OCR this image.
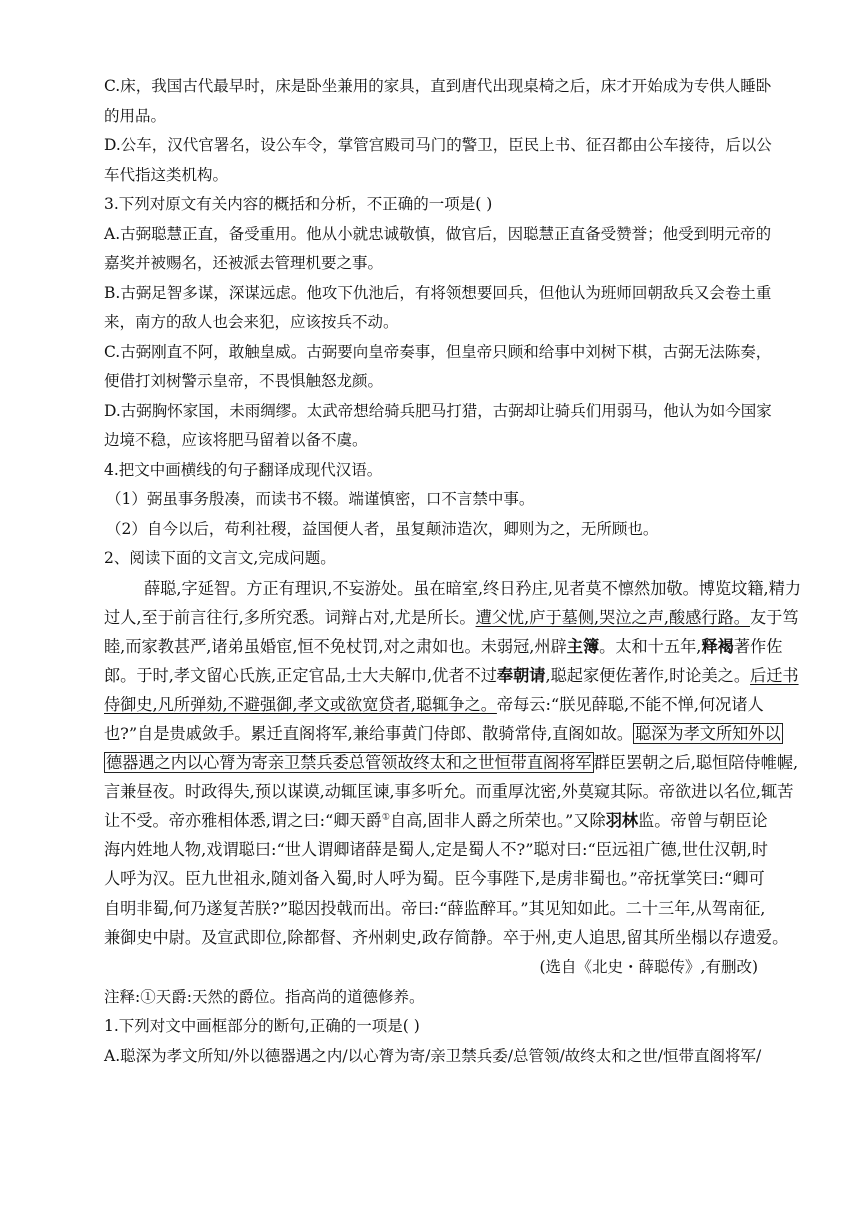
C.床，我国古代最早时，床是卧坐兼用的家具，直到唐代出现桌椅之后，床才开始成为专供人睡卧
的用品。
D.公车，汉代官署名，设公车令，掌管宫殿司马门的警卫，臣民上书、征召都由公车接待，后以公
车代指这类机构。
3.下列对原文有关内容的概括和分析，不正确的一项是( )
A.古弼聪慧正直，备受重用。他从小就忠诚敬慎，做官后，因聪慧正直备受赞誉；他受到明元帝的
嘉奖并被赐名，还被派去管理机要之事。
B.古弼足智多谋，深谋远虑。他攻下仇池后，有将领想要回兵，但他认为班师回朝敌兵又会卷土重
来，南方的敌人也会来犯，应该按兵不动。
C.古弼刚直不阿，敢触皇威。古弼要向皇帝奏事，但皇帝只顾和给事中刘树下棋，古弼无法陈奏，
便借打刘树警示皇帝，不畏惧触怒龙颜。
D.古弼胸怀家国，未雨绸缪。太武帝想给骑兵肥马打猎，古弼却让骑兵们用弱马，他认为如今国家
边境不稳，应该将肥马留着以备不虞。
4.把文中画横线的句子翻译成现代汉语。
（1）弼虽事务殷凑，而读书不辍。端谨慎密，口不言禁中事。
（2）自今以后，苟利社稷，益国便人者，虽复颠沛造次，卿则为之，无所顾也。
2、阅读下面的文言文,完成问题。
薛聪,字延智。方正有理识,不妄游处。虽在暗室,终日矜庄,见者莫不懔然加敬。博览坟籍,精力
过人,至于前言往行,多所究悉。词辩占对,尤是所长。遭父忧,庐于墓侧,哭泣之声,酸感行路。友于笃
睦,而家教甚严,诸弟虽婚宦,恒不免杖罚,对之肃如也。未弱冠,州辟主簿。太和十五年,释褐著作佐
郎。于时,孝文留心氏族,正定官品,士大夫解巾,优者不过奉朝请,聪起家便佐著作,时论美之。后迁书
侍御史,凡所弹劾,不避强御,孝文或欲宽贷者,聪辄争之。帝每云:“朕见薛聪,不能不惮,何况诸人
也?”自是贵戚敛手。累迁直阁将军,兼给事黄门侍郎、散骑常侍,直阁如故。 聪深为孝文所知外以
德器遇之内以心膂为寄亲卫禁兵委总管领故终太和之世恒带直阁将军 群臣罢朝之后,聪恒陪侍帷幄,
言兼昼夜。时政得失,预以谋谟,动辄匡谏,事多听允。而重厚沈密,外莫窥其际。帝欲进以名位,辄苦
让不受。帝亦雅相体悉,谓之曰:“卿天爵①自高,固非人爵之所荣也。”又除羽林监。帝曾与朝臣论
海内姓地人物,戏谓聪曰:“世人谓卿诸薛是蜀人,定是蜀人不?”聪对曰:“臣远祖广德,世仕汉朝,时
人呼为汉。臣九世祖永,随刘备入蜀,时人呼为蜀。臣今事陛下,是虏非蜀也。”帝抚掌笑曰:“卿可
自明非蜀,何乃遂复苦朕?”聪因投戟而出。帝曰:“薛监醉耳。”其见知如此。二十三年,从驾南征,
兼御史中尉。及宣武即位,除都督、齐州刺史,政存简静。卒于州,吏人追思,留其所坐榻以存遗爱。
(选自《北史・薛聪传》,有删改)
注释:①天爵:天然的爵位。指高尚的道德修养。
1.下列对文中画框部分的断句,正确的一项是( )
A.聪深为孝文所知/外以德器遇之内/以心膂为寄/亲卫禁兵委/总管领/故终太和之世/恒带直阁将军/
